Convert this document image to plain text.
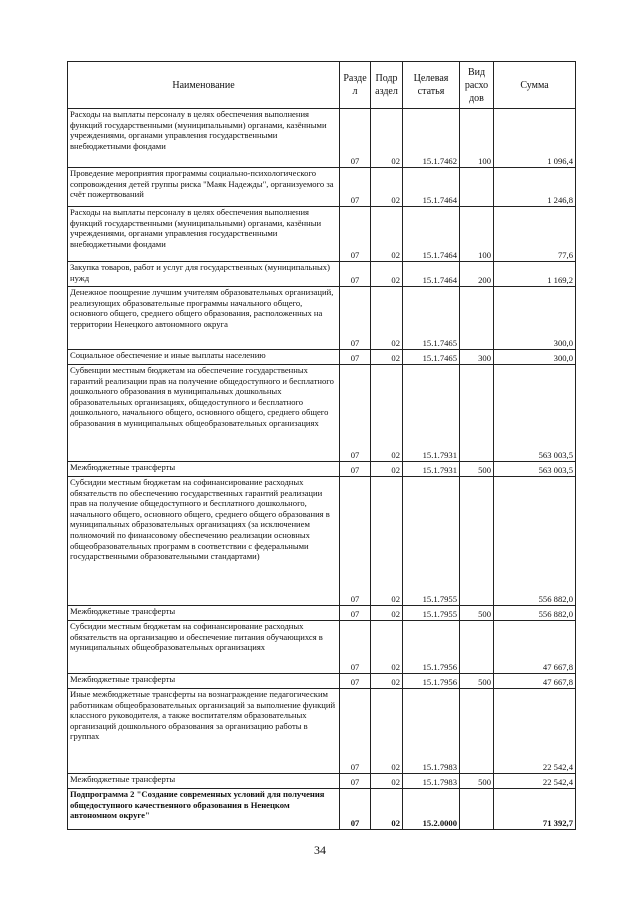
Наименование	Разде л	Подр аздел	Целевая статья	Вид расхо дов	Сумма
Расходы на выплаты персоналу в целях обеспечения выполнения функций государственными (муниципальными) органами, казёнными учреждениями, органами управления государственными внебюджетными фондами	07	02	15.1.7462	100	1 096,4
Проведение мероприятия программы социально-психологического сопровождения детей группы риска "Маяк Надежды", организуемого за счёт пожертвований	07	02	15.1.7464		1 246,8
Расходы на выплаты персоналу в целях обеспечения выполнения функций государственными (муниципальными) органами, казённыи учреждениями, органами управления государственными внебюджетными фондами	07	02	15.1.7464	100	77,6
Закупка товаров, работ и услуг для государственных (муниципальных) нужд	07	02	15.1.7464	200	1 169,2
Денежное поощрение лучшим учителям образовательных организаций, реализующих образовательные программы начального общего, основного общего, среднего общего образования, расположенных на территории Ненецкого автономного округа	07	02	15.1.7465		300,0
Социальное обеспечение и иные выплаты населению	07	02	15.1.7465	300	300,0
Субвенции местным бюджетам на обеспечение государственных гарантий реализации прав на получение общедоступного и бесплатного дошкольного образования в муниципальных дошкольных образовательных организациях, общедоступного и бесплатного дошкольного, начального общего, основного общего, среднего общего образования в муниципальных общеобразовательных организациях	07	02	15.1.7931		563 003,5
Межбюджетные трансферты	07	02	15.1.7931	500	563 003,5
Субсидии местным бюджетам на софинансирование расходных обязательств по обеспечению государственных гарантий реализации прав на получение общедоступного и бесплатного дошкольного, начального общего, основного общего, среднего общего образования в муниципальных образовательных организациях (за исключением полномочий по финансовому обеспечению реализации основных общеобразовательных программ в соответствии с федеральными государственными образовательными стандартами)	07	02	15.1.7955		556 882,0
Межбюджетные трансферты	07	02	15.1.7955	500	556 882,0
Субсидии местным бюджетам на софинансирование расходных обязательств на организацию и обеспечение питания обучающихся в муниципальных общеобразовательных организациях	07	02	15.1.7956		47 667,8
Межбюджетные трансферты	07	02	15.1.7956	500	47 667,8
Иные межбюджетные трансферты на вознаграждение педагогическим работникам общеобразовательных организаций за выполнение функций классного руководителя, а также воспитателям образовательных организаций дошкольного образования за организацию работы в группах	07	02	15.1.7983		22 542,4
Межбюджетные трансферты	07	02	15.1.7983	500	22 542,4
Подпрограмма 2 "Создание современных условий для получения общедоступного качественного образования в Ненецком автономном округе"	07	02	15.2.0000		71 392,7
34
